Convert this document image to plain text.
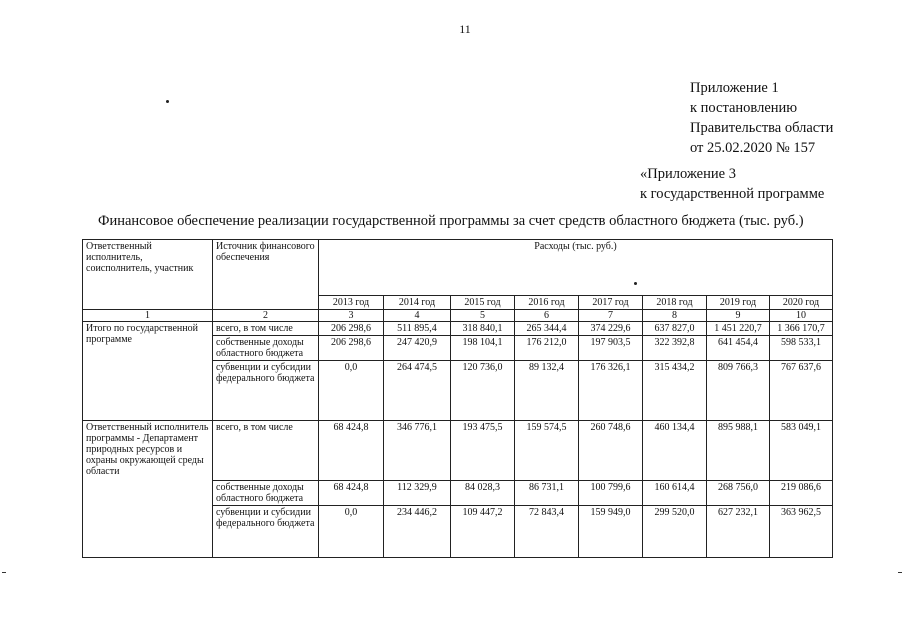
11
Приложение 1
к постановлению
Правительства области
от 25.02.2020 № 157
«Приложение 3
к государственной программе
Финансовое обеспечение реализации государственной программы за счет средств областного бюджета (тыс. руб.)
Ответственный исполнитель, соисполнитель, участник	Источник финансового обеспечения	Расходы (тыс. руб.)							
		2013 год	2014 год	2015 год	2016 год	2017 год	2018 год	2019 год	2020 год
1	2	3	4	5	6	7	8	9	10
Итого по государственной программе	всего, в том числе	206 298,6	511 895,4	318 840,1	265 344,4	374 229,6	637 827,0	1 451 220,7	1 366 170,7
	собственные доходы областного бюджета	206 298,6	247 420,9	198 104,1	176 212,0	197 903,5	322 392,8	641 454,4	598 533,1
	субвенции и субсидии федерального бюджета	0,0	264 474,5	120 736,0	89 132,4	176 326,1	315 434,2	809 766,3	767 637,6
Ответственный исполнитель программы - Департамент природных ресурсов и охраны окружающей среды области	всего, в том числе	68 424,8	346 776,1	193 475,5	159 574,5	260 748,6	460 134,4	895 988,1	583 049,1
	собственные доходы областного бюджета	68 424,8	112 329,9	84 028,3	86 731,1	100 799,6	160 614,4	268 756,0	219 086,6
	субвенции и субсидии федерального бюджета	0,0	234 446,2	109 447,2	72 843,4	159 949,0	299 520,0	627 232,1	363 962,5
